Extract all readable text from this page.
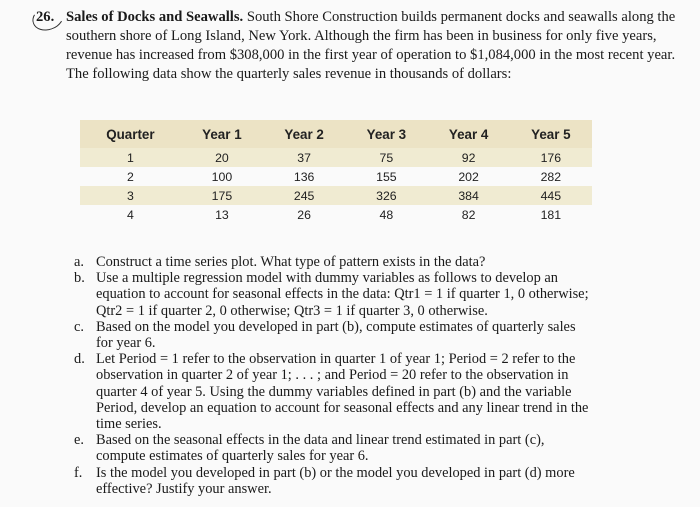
26. Sales of Docks and Seawalls. South Shore Construction builds permanent docks and seawalls along the southern shore of Long Island, New York. Although the firm has been in business for only five years, revenue has increased from $308,000 in the first year of operation to $1,084,000 in the most recent year. The following data show the quarterly sales revenue in thousands of dollars:

Quarter	Year 1	Year 2	Year 3	Year 4	Year 5
1	20	37	75	92	176
2	100	136	155	202	282
3	175	245	326	384	445
4	13	26	48	82	181
a. Construct a time series plot. What type of pattern exists in the data?
b. Use a multiple regression model with dummy variables as follows to develop an equation to account for seasonal effects in the data: Qtr1 = 1 if quarter 1, 0 otherwise; Qtr2 = 1 if quarter 2, 0 otherwise; Qtr3 = 1 if quarter 3, 0 otherwise.
c. Based on the model you developed in part (b), compute estimates of quarterly sales for year 6.
d. Let Period = 1 refer to the observation in quarter 1 of year 1; Period = 2 refer to the observation in quarter 2 of year 1; . . . ; and Period = 20 refer to the observation in quarter 4 of year 5. Using the dummy variables defined in part (b) and the variable Period, develop an equation to account for seasonal effects and any linear trend in the time series.
e. Based on the seasonal effects in the data and linear trend estimated in part (c), compute estimates of quarterly sales for year 6.
f. Is the model you developed in part (b) or the model you developed in part (d) more effective? Justify your answer.
